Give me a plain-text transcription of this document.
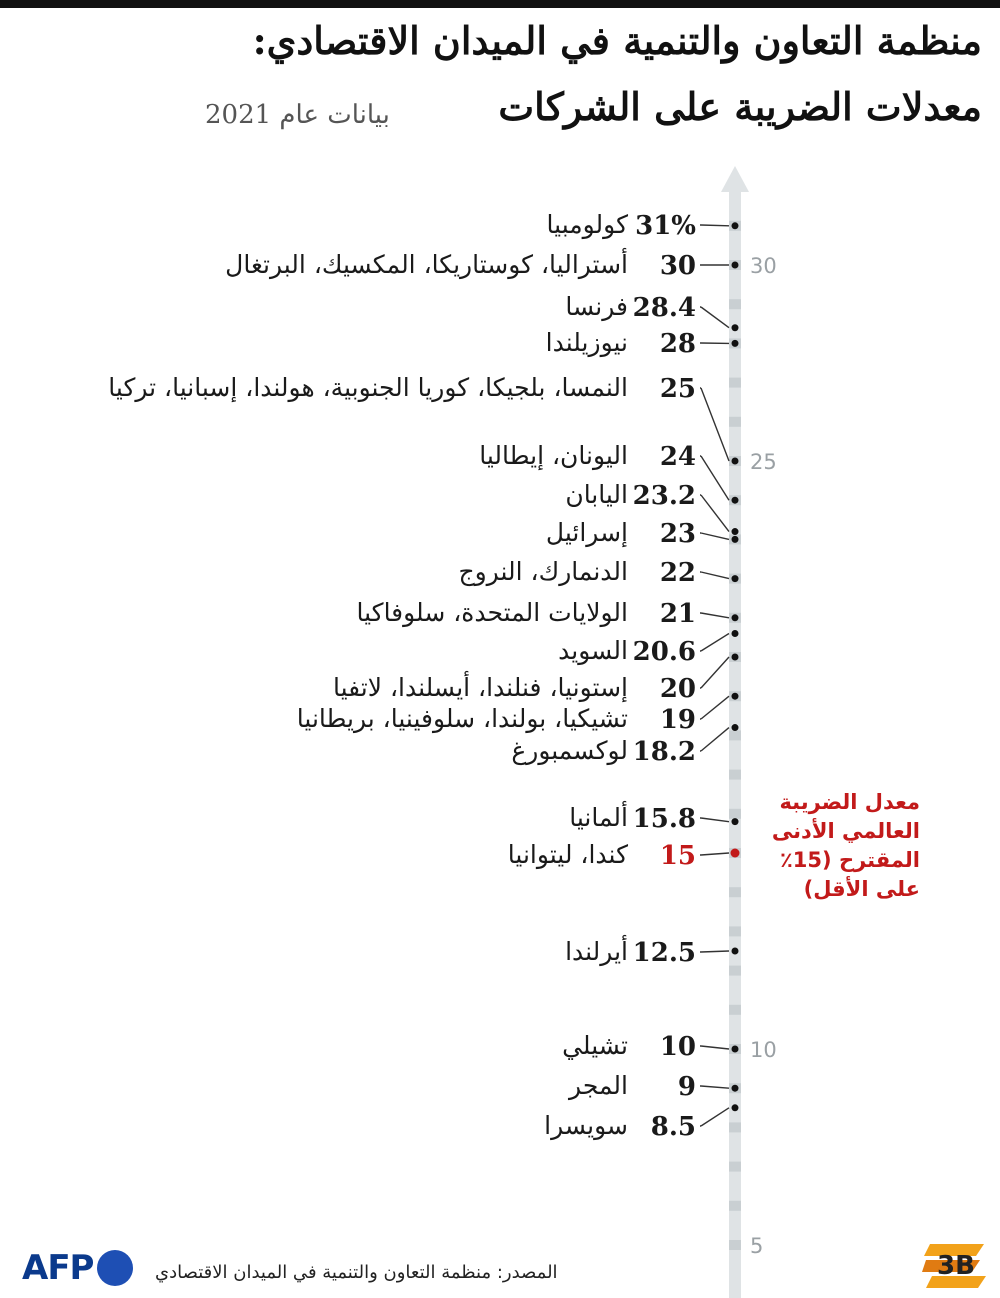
منظمة التعاون والتنمية في الميدان الاقتصادي:
معدلات الضريبة على الشركات
بيانات عام 2021
5
10
25
30
31%
كولومبيا
30
أستراليا، كوستاريكا، المكسيك، البرتغال
28.4
فرنسا
28
نيوزيلندا
25
النمسا، بلجيكا، كوريا الجنوبية، هولندا، إسبانيا، تركيا
24
اليونان، إيطاليا
23.2
اليابان
23
إسرائيل
22
الدنمارك، النروج
21
الولايات المتحدة، سلوفاكيا
20.6
السويد
20
إستونيا، فنلندا، أيسلندا، لاتفيا
19
تشيكيا، بولندا، سلوفينيا، بريطانيا
18.2
لوكسمبورغ
15.8
ألمانيا
15
كندا، ليتوانيا
12.5
أيرلندا
10
تشيلي
9
المجر
8.5
سويسرا
معدل الضريبة العالمي الأدنى المقترح (15٪ على الأقل)
AFP	المصدر: منظمة التعاون والتنمية في الميدان الاقتصادي	3B
